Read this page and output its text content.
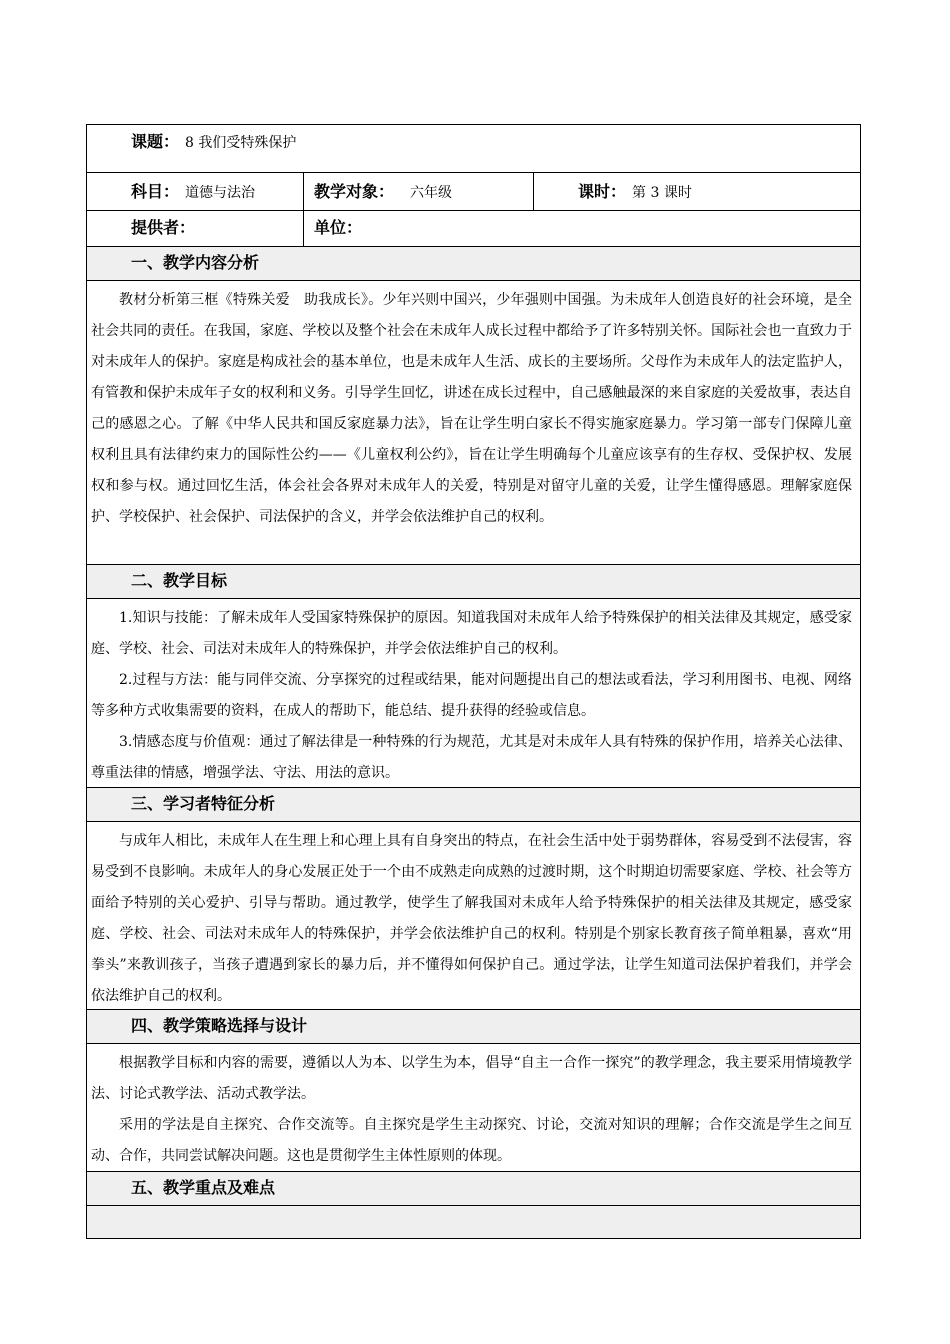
课题： 8 我们受特殊保护
科目： 道德与法治	教学对象： 六年级	课时： 第 3 课时
提供者：	单位：
一、教学内容分析

教材分析第三框《特殊关爱　助我成长》。少年兴则中国兴，少年强则中国强。为未成年人创造良好的社会环境，是全社会共同的责任。在我国，家庭、学校以及整个社会在未成年人成长过程中都给予了许多特别关怀。国际社会也一直致力于对未成年人的保护。家庭是构成社会的基本单位，也是未成年人生活、成长的主要场所。父母作为未成年人的法定监护人，有管教和保护未成年子女的权利和义务。引导学生回忆，讲述在成长过程中，自己感触最深的来自家庭的关爱故事，表达自己的感恩之心。了解《中华人民共和国反家庭暴力法》，旨在让学生明白家长不得实施家庭暴力。学习第一部专门保障儿童权利且具有法律约束力的国际性公约——《儿童权利公约》，旨在让学生明确每个儿童应该享有的生存权、受保护权、发展权和参与权。通过回忆生活，体会社会各界对未成年人的关爱，特别是对留守儿童的关爱，让学生懂得感恩。理解家庭保护、学校保护、社会保护、司法保护的含义，并学会依法维护自己的权利。

二、教学目标

1.知识与技能：了解未成年人受国家特殊保护的原因。知道我国对未成年人给予特殊保护的相关法律及其规定，感受家庭、学校、社会、司法对未成年人的特殊保护，并学会依法维护自己的权利。

2.过程与方法：能与同伴交流、分享探究的过程或结果，能对问题提出自己的想法或看法，学习利用图书、电视、网络等多种方式收集需要的资料，在成人的帮助下，能总结、提升获得的经验或信息。

3.情感态度与价值观：通过了解法律是一种特殊的行为规范，尤其是对未成年人具有特殊的保护作用，培养关心法律、尊重法律的情感，增强学法、守法、用法的意识。

三、学习者特征分析

与成年人相比，未成年人在生理上和心理上具有自身突出的特点，在社会生活中处于弱势群体，容易受到不法侵害，容易受到不良影响。未成年人的身心发展正处于一个由不成熟走向成熟的过渡时期，这个时期迫切需要家庭、学校、社会等方面给予特别的关心爱护、引导与帮助。通过教学，使学生了解我国对未成年人给予特殊保护的相关法律及其规定，感受家庭、学校、社会、司法对未成年人的特殊保护，并学会依法维护自己的权利。特别是个别家长教育孩子简单粗暴，喜欢“用拳头”来教训孩子，当孩子遭遇到家长的暴力后，并不懂得如何保护自己。通过学法，让学生知道司法保护着我们，并学会依法维护自己的权利。

四、教学策略选择与设计

根据教学目标和内容的需要，遵循以人为本、以学生为本，倡导“自主一合作一探究”的教学理念，我主要采用情境教学法、讨论式教学法、活动式教学法。

采用的学法是自主探究、合作交流等。自主探究是学生主动探究、讨论，交流对知识的理解；合作交流是学生之间互动、合作，共同尝试解决问题。这也是贯彻学生主体性原则的体现。

五、教学重点及难点
